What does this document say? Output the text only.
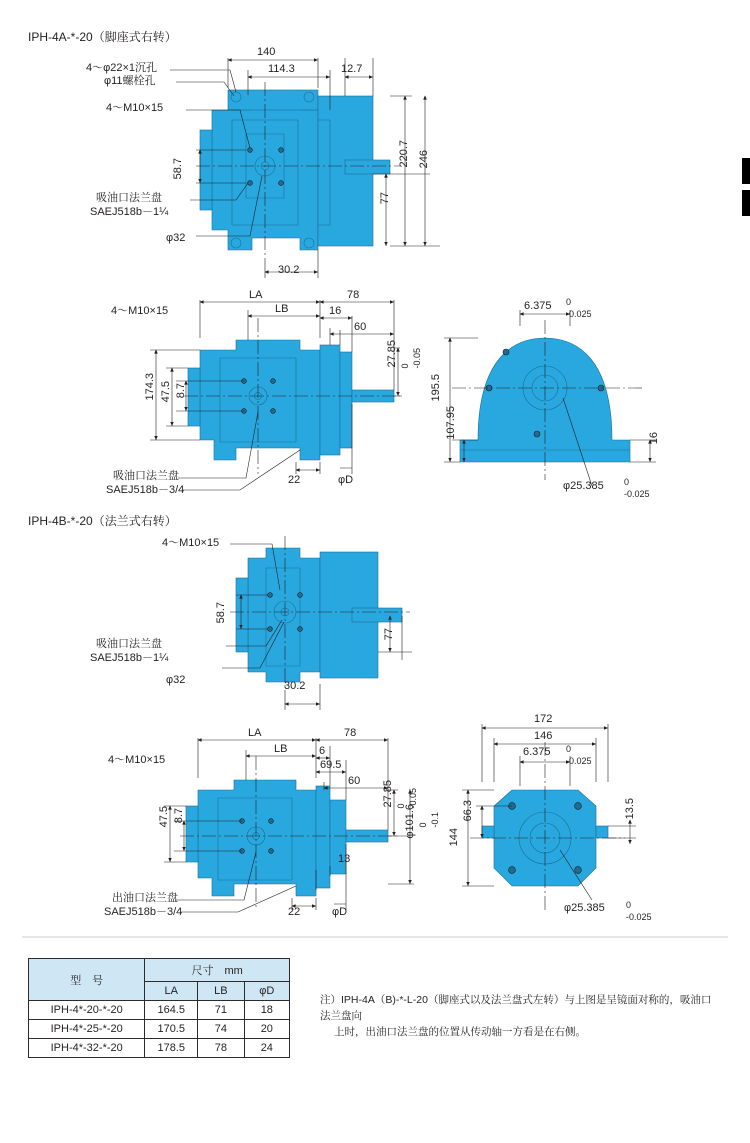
IPH-4A-*-20（脚座式右转）
IPH-4B-*-20（法兰式右转）
140
114.3	12.7
220.7 246
77
58.7
30.2
φ32
4～φ22×1沉孔
φ11螺栓孔
4～M10×15
吸油口法兰盘
SAEJ518b－1¼
LA
LB
78
16
60
27.85 0 -0.05
174.3 47.5 8.7
22	φD
4～M10×15
吸油口法兰盘
SAEJ518b－3/4
6.375 0
-0.025
195.5
107.95	16
φ25.385 0
-0.025
4～M10×15
58.7
77
30.2
φ32
吸油口法兰盘
SAEJ518b－1¼
LA
LB
78
6
69.5
60 27.85 0 -0.05
φ101.6 0 -0.1
13
47.5 8.7
22	φD
4～M10×15
出油口法兰盘
SAEJ518b－3/4
172
146
6.375 0
-0.025
66.3
144
13.5
φ25.385 0
-0.025
型　号	尺寸　mm		
	LA	LB	φD
IPH-4*-20-*-20	164.5	71	18
IPH-4*-25-*-20	170.5	74	20
IPH-4*-32-*-20	178.5	78	24
注）IPH-4A（B)-*-L-20（脚座式以及法兰盘式左转）与上图是呈镜面对称的，吸油口法兰盘向
上时，出油口法兰盘的位置从传动轴一方看是在右侧。
